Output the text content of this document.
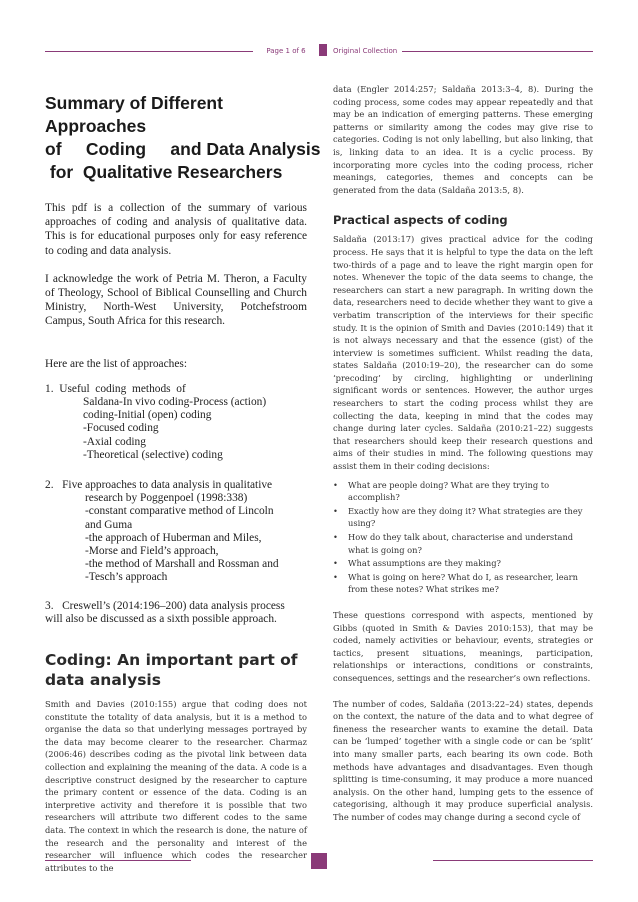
Page 1 of 6	Original Collection
Summary of Different Approaches
of     Coding     and Data Analysis
for  Qualitative Researchers

This pdf is a collection of the summary of various approaches of coding and analysis of qualitative data. This is for educational purposes only for easy reference to coding and data analysis.

I acknowledge the work of Petria M. Theron, a Faculty of Theology, School of Biblical Counselling and Church Ministry, North-West University, Potchefstroom Campus, South Africa for this research.

Here are the list of approaches:

1.  Useful  coding  methods  of
Saldana-In vivo coding-Process (action)
coding-Initial (open) coding
-Focused coding
-Axial coding
-Theoretical (selective) coding
2.   Five approaches to data analysis in qualitative
research by Poggenpoel (1998:338)
-constant comparative method of Lincoln
and Guma
-the approach of Huberman and Miles,
-Morse and Field’s approach,
-the method of Marshall and Rossman and
-Tesch’s approach
3.   Creswell’s (2014:196–200) data analysis process
will also be discussed as a sixth possible approach.
Coding: An important part of data analysis

Smith and Davies (2010:155) argue that coding does not constitute the totality of data analysis, but it is a method to organise the data so that underlying messages portrayed by the data may become clearer to the researcher. Charmaz (2006:46) describes coding as the pivotal link between data collection and explaining the meaning of the data. A code is a descriptive construct designed by the researcher to capture the primary content or essence of the data. Coding is an interpretive activity and therefore it is possible that two researchers will attribute two different codes to the same data. The context in which the research is done, the nature of the research and the personality and interest of the researcher will influence which codes the researcher attributes to the

data (Engler 2014:257; Saldaña 2013:3–4, 8). During the coding process, some codes may appear repeatedly and that may be an indication of emerging patterns. These emerging patterns or similarity among the codes may give rise to categories. Coding is not only labelling, but also linking, that is, linking data to an idea. It is a cyclic process. By incorporating more cycles into the coding process, richer meanings, categories, themes and concepts can be generated from the data (Saldaña 2013:5, 8).

Practical aspects of coding

Saldaña (2013:17) gives practical advice for the coding process. He says that it is helpful to type the data on the left two-thirds of a page and to leave the right margin open for notes. Whenever the topic of the data seems to change, the researchers can start a new paragraph. In writing down the data, researchers need to decide whether they want to give a verbatim transcription of the interviews for their specific study. It is the opinion of Smith and Davies (2010:149) that it is not always necessary and that the essence (gist) of the interview is sometimes sufficient. Whilst reading the data, states Saldaña (2010:19–20), the researcher can do some ‘precoding’ by circling, highlighting or underlining significant words or sentences. However, the author urges researchers to start the coding process whilst they are collecting the data, keeping in mind that the codes may change during later cycles. Saldaña (2010:21–22) suggests that researchers should keep their research questions and aims of their studies in mind. The following questions may assist them in their coding decisions:

• What are people doing? What are they trying to accomplish?
• Exactly how are they doing it? What strategies are they using?
• How do they talk about, characterise and understand what is going on?
• What assumptions are they making?
• What is going on here? What do I, as researcher, learn from these notes? What strikes me?

These questions correspond with aspects, mentioned by Gibbs (quoted in Smith & Davies 2010:153), that may be coded, namely activities or behaviour, events, strategies or tactics, present situations, meanings, participation, relationships or interactions, conditions or constraints, consequences, settings and the researcher’s own reflections.

The number of codes, Saldaña (2013:22–24) states, depends on the context, the nature of the data and to what degree of fineness the researcher wants to examine the detail. Data can be ‘lumped’ together with a single code or can be ‘split’ into many smaller parts, each bearing its own code. Both methods have advantages and disadvantages. Even though splitting is time-consuming, it may produce a more nuanced analysis. On the other hand, lumping gets to the essence of categorising, although it may produce superficial analysis. The number of codes may change during a second cycle of
